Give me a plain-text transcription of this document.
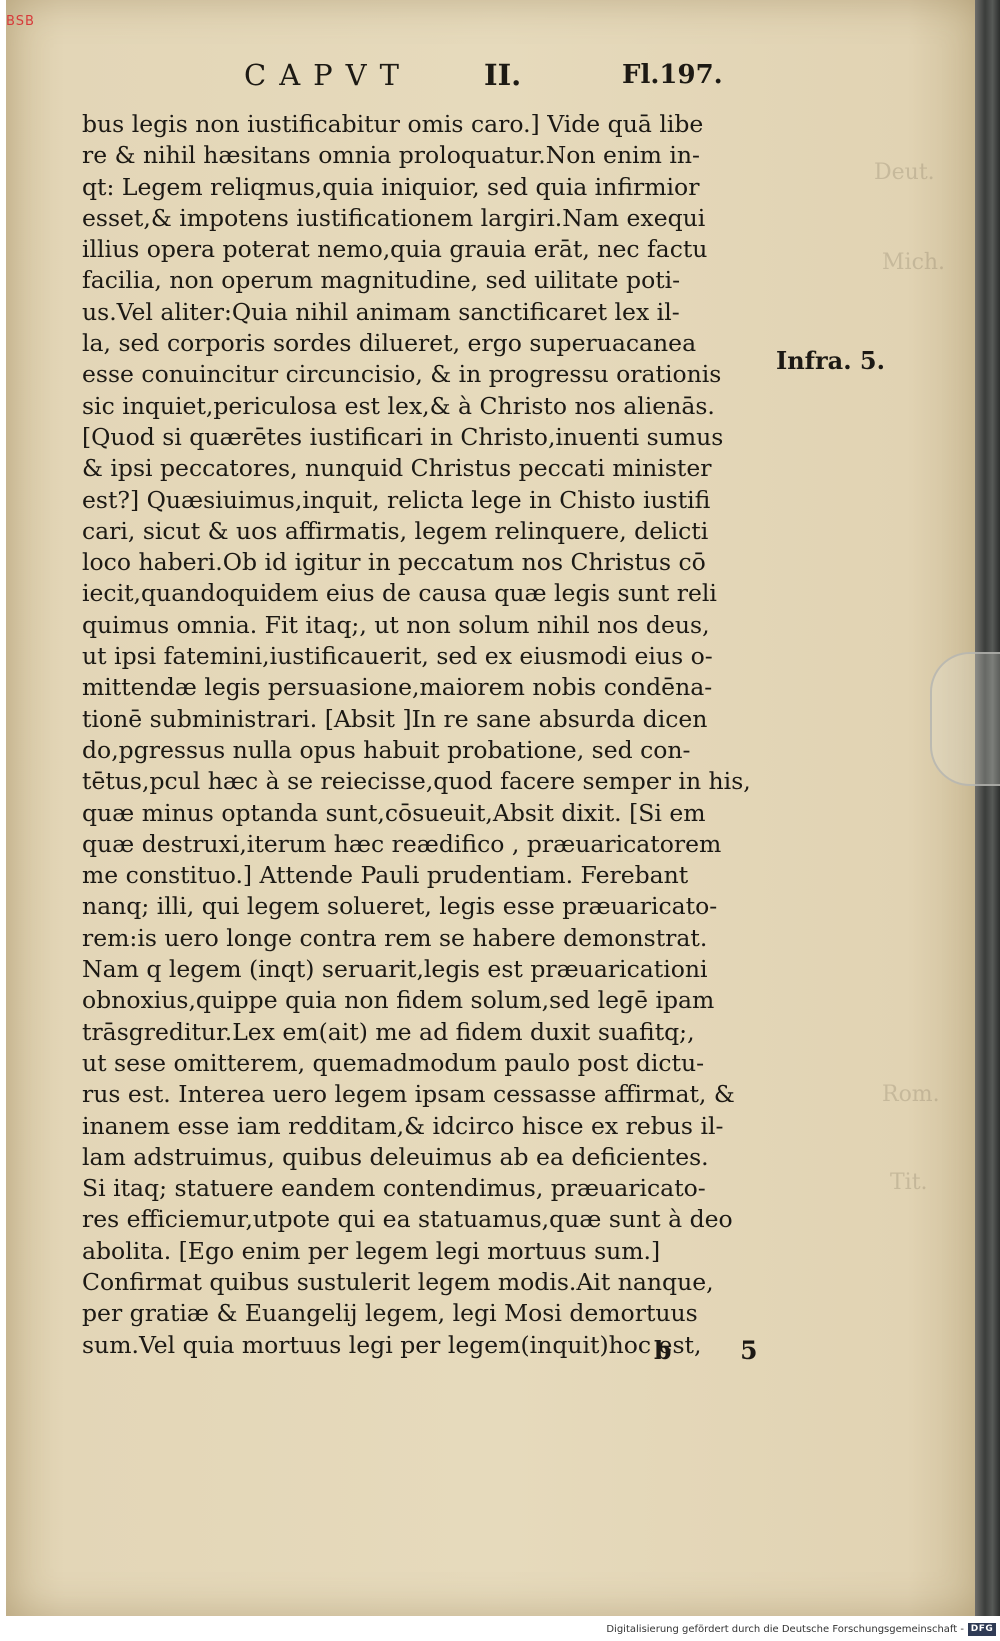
Deut.
Mich.
Rom.
Tit.
CAPVT II.	Fl.197.
bus legis non iustificabitur omis caro.] Vide quā libe
re & nihil hæsitans omnia proloquatur.Non enim in-
qt: Legem reliqmus,quia iniquior, sed quia infirmior
esset,& impotens iustificationem largiri.Nam exequi
illius opera poterat nemo,quia grauia erāt, nec factu
facilia, non operum magnitudine, sed uilitate poti-
us.Vel aliter:Quia nihil animam sanctificaret lex il-
la, sed corporis sordes dilueret, ergo superuacanea
esse conuincitur circuncisio, & in progressu orationis
sic inquiet,periculosa est lex,& à Christo nos alienās.
[Quod si quærētes iustificari in Christo,inuenti sumus
& ipsi peccatores, nunquid Christus peccati minister
est?] Quæsiuimus,inquit, relicta lege in Chisto iustifi
cari, sicut & uos affirmatis, legem relinquere, delicti
loco haberi.Ob id igitur in peccatum nos Christus cō
iecit,quandoquidem eius de causa quæ legis sunt reli
quimus omnia. Fit itaq;, ut non solum nihil nos deus,
ut ipsi fatemini,iustificauerit, sed ex eiusmodi eius o-
mittendæ legis persuasione,maiorem nobis condēna-
tionē subministrari. [Absit ]In re sane absurda dicen
do,pgressus nulla opus habuit probatione, sed con-
tētus,pcul hæc à se reiecisse,quod facere semper in his,
quæ minus optanda sunt,cōsueuit,Absit dixit. [Si em
quæ destruxi,iterum hæc reædifico , præuaricatorem
me constituo.] Attende Pauli prudentiam. Ferebant
nanq; illi, qui legem solueret, legis esse præuaricato-
rem:is uero longe contra rem se habere demonstrat.
Nam q legem (inqt) seruarit,legis est præuaricationi
obnoxius,quippe quia non fidem solum,sed legē ipam
trāsgreditur.Lex em(ait) me ad fidem duxit suafitq;,
ut sese omitterem, quemadmodum paulo post dictu-
rus est. Interea uero legem ipsam cessasse affirmat, &
inanem esse iam redditam,& idcirco hisce ex rebus il-
lam adstruimus, quibus deleuimus ab ea deficientes.
Si itaq; statuere eandem contendimus, præuaricato-
res efficiemur,utpote qui ea statuamus,quæ sunt à deo
abolita. [Ego enim per legem legi mortuus sum.]
Confirmat quibus sustulerit legem modis.Ait nanque,
per gratiæ & Euangelij legem, legi Mosi demortuus
sum.Vel quia mortuus legi per legem(inquit)hoc est,
Infra. 5.
b 5
BSB
Digitalisierung gefördert durch die Deutsche Forschungsgemeinschaft - DFG
